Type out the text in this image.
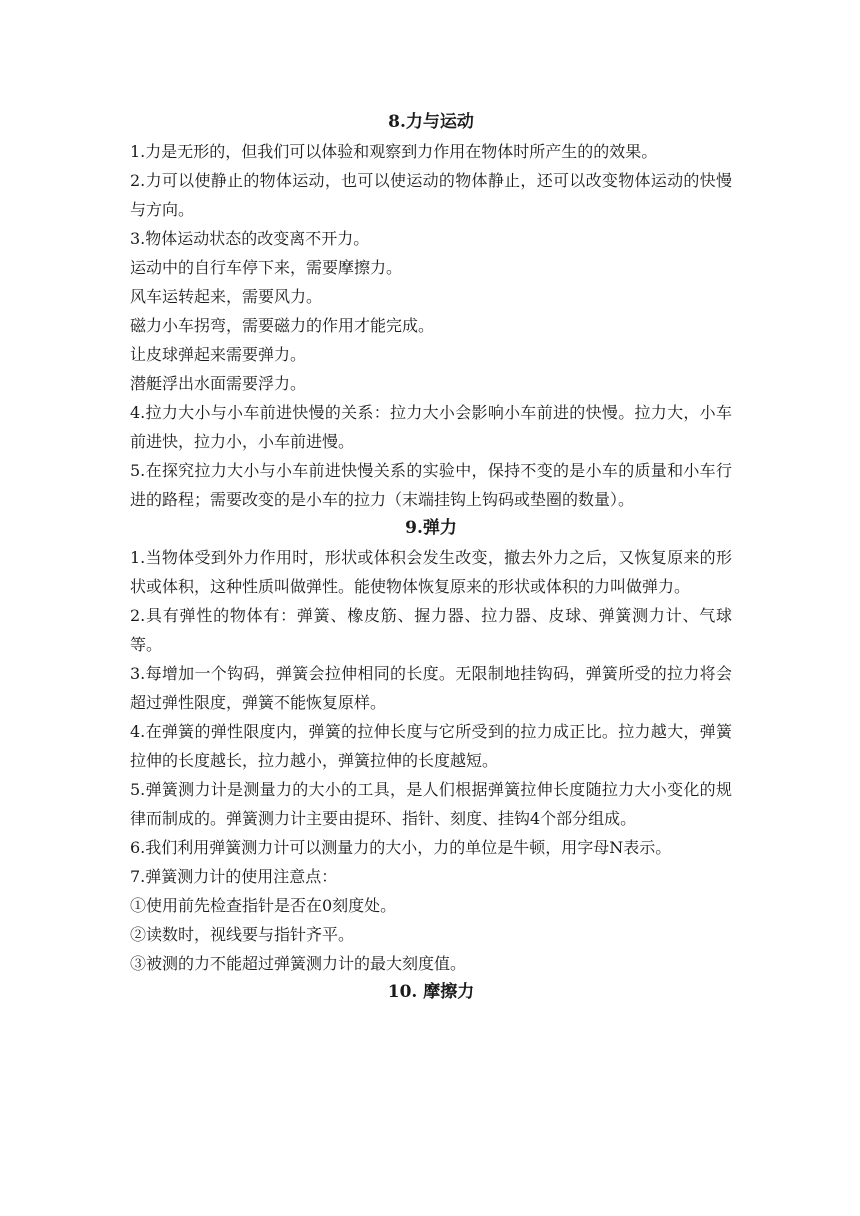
8.力与运动

1.力是无形的，但我们可以体验和观察到力作用在物体时所产生的的效果。

2.力可以使静止的物体运动，也可以使运动的物体静止，还可以改变物体运动的快慢与方向。

3.物体运动状态的改变离不开力。

运动中的自行车停下来，需要摩擦力。

风车运转起来，需要风力。

磁力小车拐弯，需要磁力的作用才能完成。

让皮球弹起来需要弹力。

潜艇浮出水面需要浮力。

4.拉力大小与小车前进快慢的关系：拉力大小会影响小车前进的快慢。拉力大，小车前进快，拉力小，小车前进慢。

5.在探究拉力大小与小车前进快慢关系的实验中，保持不变的是小车的质量和小车行进的路程；需要改变的是小车的拉力（末端挂钩上钩码或垫圈的数量）。

9.弹力

1.当物体受到外力作用时，形状或体积会发生改变，撤去外力之后，又恢复原来的形状或体积，这种性质叫做弹性。能使物体恢复原来的形状或体积的力叫做弹力。

2.具有弹性的物体有：弹簧、橡皮筋、握力器、拉力器、皮球、弹簧测力计、气球等。

3.每增加一个钩码，弹簧会拉伸相同的长度。无限制地挂钩码，弹簧所受的拉力将会超过弹性限度，弹簧不能恢复原样。

4.在弹簧的弹性限度内，弹簧的拉伸长度与它所受到的拉力成正比。拉力越大，弹簧拉伸的长度越长，拉力越小，弹簧拉伸的长度越短。

5.弹簧测力计是测量力的大小的工具，是人们根据弹簧拉伸长度随拉力大小变化的规律而制成的。弹簧测力计主要由提环、指针、刻度、挂钩4个部分组成。

6.我们利用弹簧测力计可以测量力的大小，力的单位是牛顿，用字母N表示。

7.弹簧测力计的使用注意点：

①使用前先检查指针是否在0刻度处。

②读数时，视线要与指针齐平。

③被测的力不能超过弹簧测力计的最大刻度值。

10. 摩擦力
